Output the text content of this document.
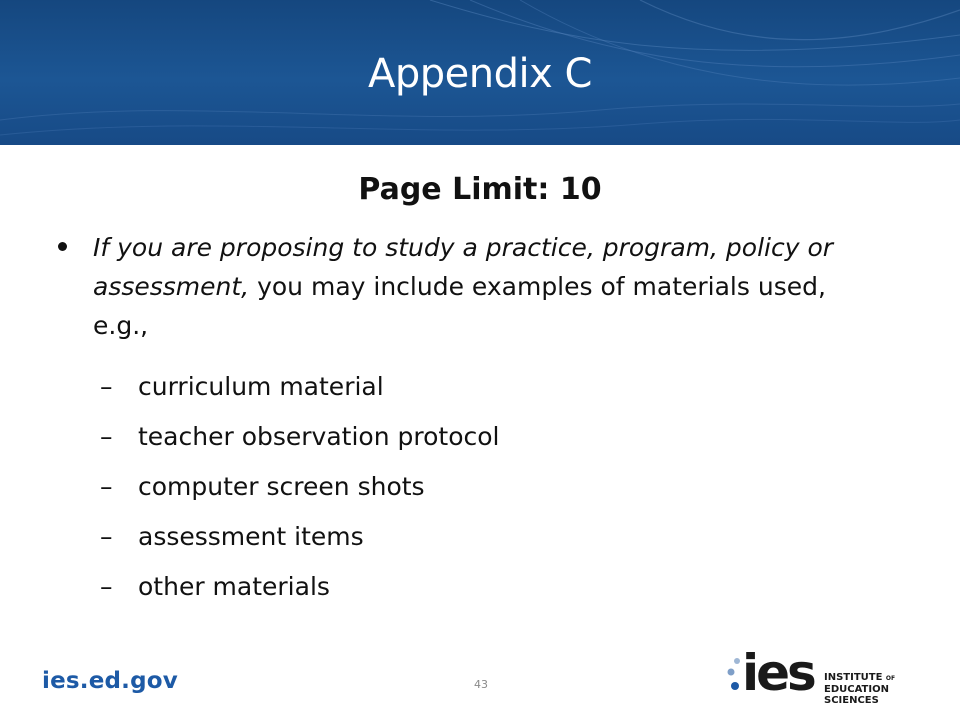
Appendix C
Page Limit: 10
If you are proposing to study a practice, program, policy or assessment, you may include examples of materials used, e.g.,
– curriculum material
– teacher observation protocol
– computer screen shots
– assessment items
– other materials
ies.ed.gov	43	ies INSTITUTE OF
EDUCATION SCIENCES
